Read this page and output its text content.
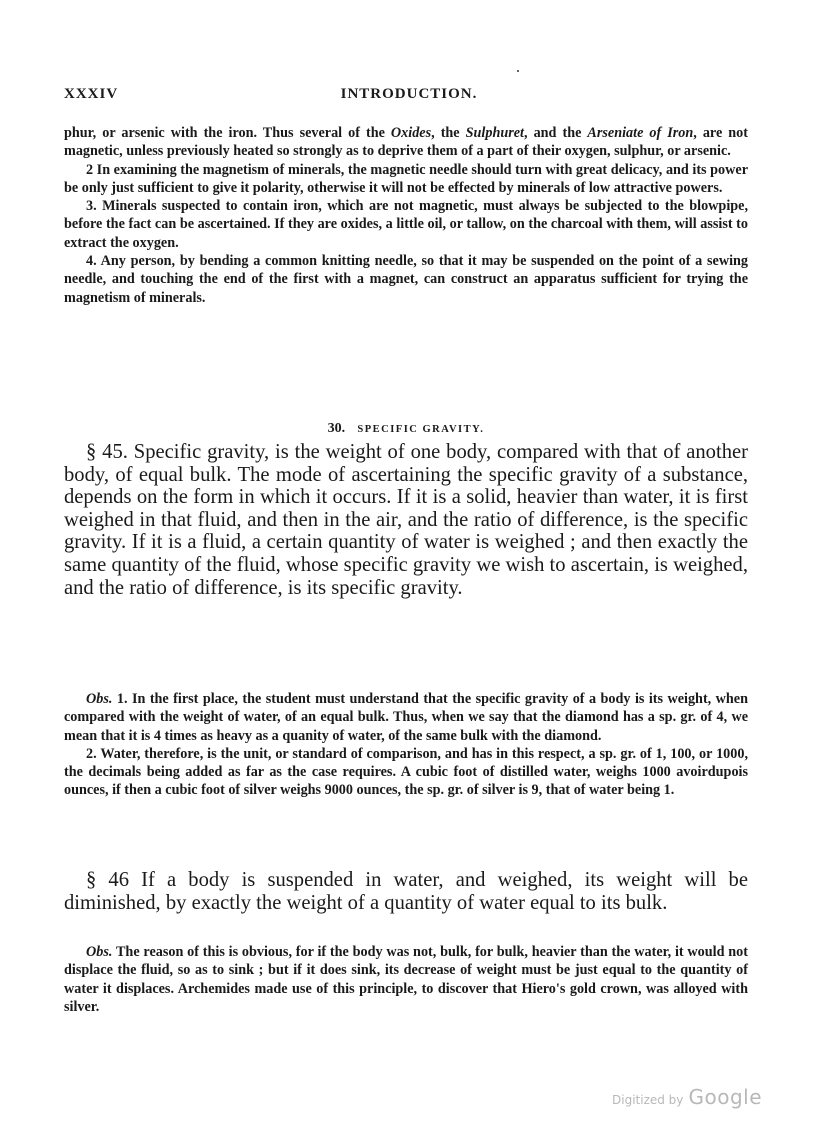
XXXIV	INTRODUCTION.

phur, or arsenic with the iron. Thus several of the Oxides, the Sulphuret, and the Arseniate of Iron, are not magnetic, unless previously heated so strongly as to deprive them of a part of their oxygen, sulphur, or arsenic.

2 In examining the magnetism of minerals, the magnetic needle should turn with great delicacy, and its power be only just sufficient to give it polarity, otherwise it will not be effected by minerals of low attractive powers.

3. Minerals suspected to contain iron, which are not magnetic, must always be subjected to the blowpipe, before the fact can be ascertained. If they are oxides, a little oil, or tallow, on the charcoal with them, will assist to extract the oxygen.

4. Any person, by bending a common knitting needle, so that it may be suspended on the point of a sewing needle, and touching the end of the first with a magnet, can construct an apparatus sufficient for trying the magnetism of minerals.

30. SPECIFIC GRAVITY.

§ 45. Specific gravity, is the weight of one body, compared with that of another body, of equal bulk. The mode of ascertaining the specific gravity of a substance, depends on the form in which it occurs. If it is a solid, heavier than water, it is first weighed in that fluid, and then in the air, and the ratio of difference, is the specific gravity. If it is a fluid, a certain quantity of water is weighed ; and then exactly the same quantity of the fluid, whose specific gravity we wish to ascertain, is weighed, and the ratio of difference, is its specific gravity.

Obs. 1. In the first place, the student must understand that the specific gravity of a body is its weight, when compared with the weight of water, of an equal bulk. Thus, when we say that the diamond has a sp. gr. of 4, we mean that it is 4 times as heavy as a quanity of water, of the same bulk with the diamond.

2. Water, therefore, is the unit, or standard of comparison, and has in this respect, a sp. gr. of 1, 100, or 1000, the decimals being added as far as the case requires. A cubic foot of distilled water, weighs 1000 avoirdupois ounces, if then a cubic foot of silver weighs 9000 ounces, the sp. gr. of silver is 9, that of water being 1.

§ 46 If a body is suspended in water, and weighed, its weight will be diminished, by exactly the weight of a quantity of water equal to its bulk.

Obs. The reason of this is obvious, for if the body was not, bulk, for bulk, heavier than the water, it would not displace the fluid, so as to sink ; but if it does sink, its decrease of weight must be just equal to the quantity of water it displaces. Archemides made use of this principle, to discover that Hiero's gold crown, was alloyed with silver.

Digitized by Google
